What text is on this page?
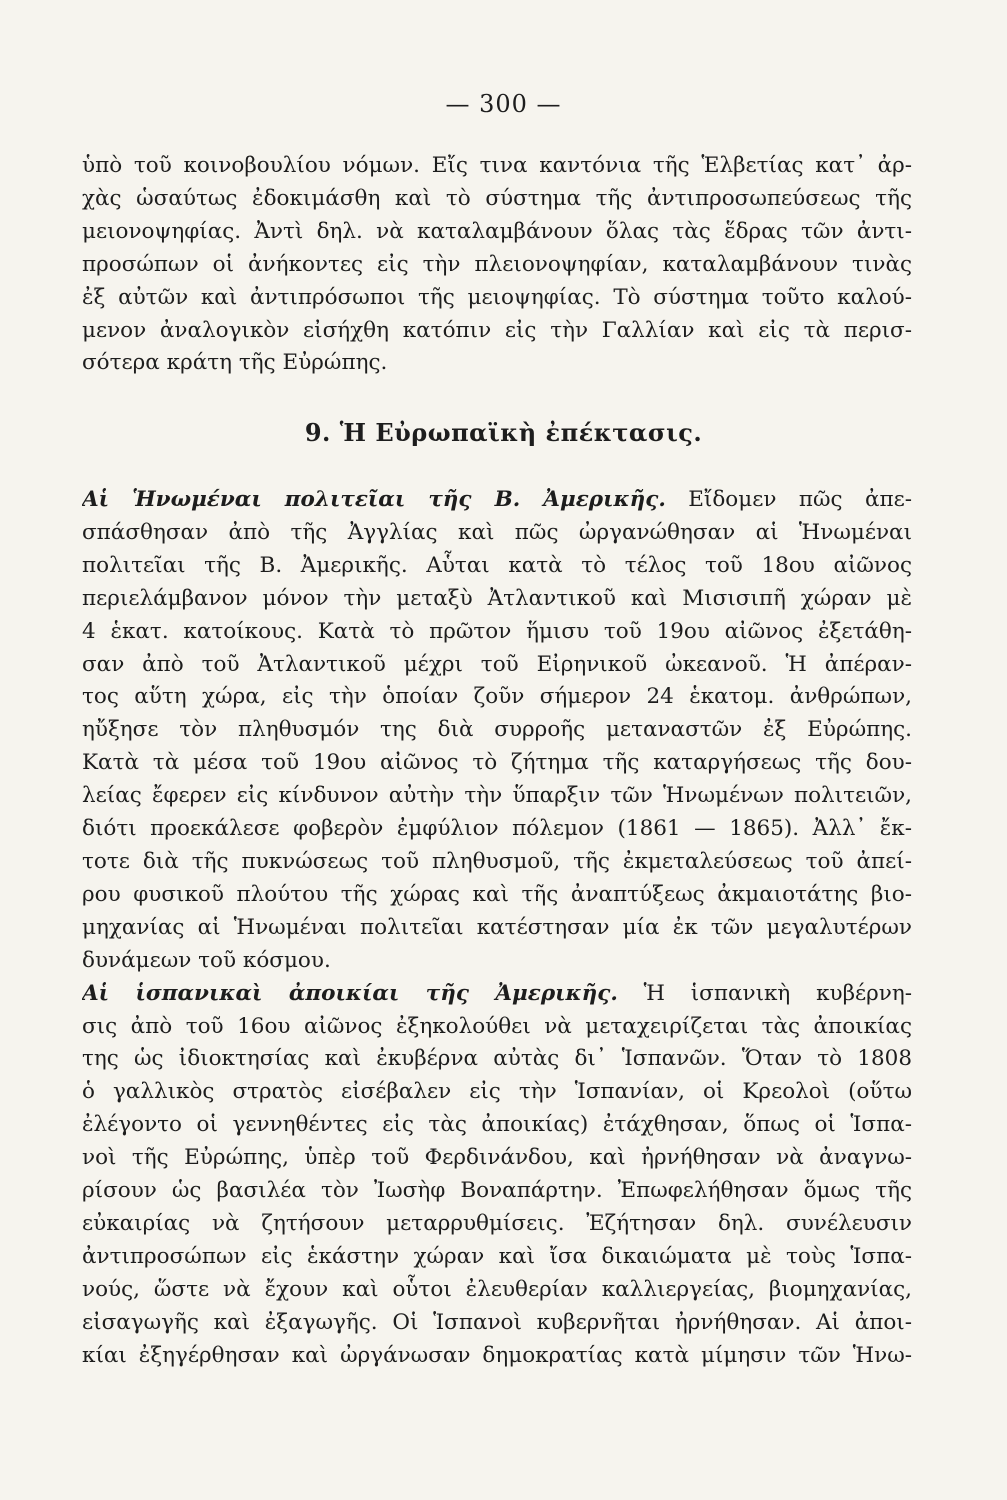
— 300 —
ὑπὸ τοῦ κοινοβουλίου νόμων. Εἴς τινα καντόνια τῆς Ἑλβετίας κατ᾽ ἀρ-
χὰς ὡσαύτως ἐδοκιμάσθη καὶ τὸ σύστημα τῆς ἀντιπροσωπεύσεως τῆς
μειονοψηφίας. Ἀντὶ δηλ. νὰ καταλαμβάνουν ὅλας τὰς ἕδρας τῶν ἀντι-
προσώπων οἱ ἀνήκοντες εἰς τὴν πλειονοψηφίαν, καταλαμβάνουν τινὰς
ἐξ αὐτῶν καὶ ἀντιπρόσωποι τῆς μειοψηφίας. Τὸ σύστημα τοῦτο καλού-
μενον ἀναλογικὸν εἰσήχθη κατόπιν εἰς τὴν Γαλλίαν καὶ εἰς τὰ περισ-
σότερα κράτη τῆς Εὐρώπης.
9. Ἡ Εὐρωπαϊκὴ ἐπέκτασις.
Αἱ Ἡνωμέναι πολιτεῖαι τῆς Β. Ἀμερικῆς. Εἴδομεν πῶς ἀπε-
σπάσθησαν ἀπὸ τῆς Ἀγγλίας καὶ πῶς ὠργανώθησαν αἱ Ἡνωμέναι
πολιτεῖαι τῆς Β. Ἀμερικῆς. Αὗται κατὰ τὸ τέλος τοῦ 18ου αἰῶνος
περιελάμβανον μόνον τὴν μεταξὺ Ἀτλαντικοῦ καὶ Μισισιπῆ χώραν μὲ
4 ἑκατ. κατοίκους. Κατὰ τὸ πρῶτον ἥμισυ τοῦ 19ου αἰῶνος ἐξετάθη-
σαν ἀπὸ τοῦ Ἀτλαντικοῦ μέχρι τοῦ Εἰρηνικοῦ ὠκεανοῦ. Ἡ ἀπέραν-
τος αὕτη χώρα, εἰς τὴν ὁποίαν ζοῦν σήμερον 24 ἑκατομ. ἀνθρώπων,
ηὔξησε τὸν πληθυσμόν της διὰ συρροῆς μεταναστῶν ἐξ Εὐρώπης.
Κατὰ τὰ μέσα τοῦ 19ου αἰῶνος τὸ ζήτημα τῆς καταργήσεως τῆς δου-
λείας ἔφερεν εἰς κίνδυνον αὐτὴν τὴν ὕπαρξιν τῶν Ἡνωμένων πολιτειῶν,
διότι προεκάλεσε φοβερὸν ἐμφύλιον πόλεμον (1861 — 1865). Ἀλλ᾽ ἔκ-
τοτε διὰ τῆς πυκνώσεως τοῦ πληθυσμοῦ, τῆς ἐκμεταλεύσεως τοῦ ἀπεί-
ρου φυσικοῦ πλούτου τῆς χώρας καὶ τῆς ἀναπτύξεως ἀκμαιοτάτης βιο-
μηχανίας αἱ Ἡνωμέναι πολιτεῖαι κατέστησαν μία ἐκ τῶν μεγαλυτέρων
δυνάμεων τοῦ κόσμου.
Αἱ ἱσπανικαὶ ἀποικίαι τῆς Ἀμερικῆς. Ἡ ἱσπανικὴ κυβέρνη-
σις ἀπὸ τοῦ 16ου αἰῶνος ἐξηκολούθει νὰ μεταχειρίζεται τὰς ἀποικίας
της ὡς ἰδιοκτησίας καὶ ἐκυβέρνα αὐτὰς δι᾽ Ἱσπανῶν. Ὅταν τὸ 1808
ὁ γαλλικὸς στρατὸς εἰσέβαλεν εἰς τὴν Ἱσπανίαν, οἱ Κρεολοὶ (οὕτω
ἐλέγοντο οἱ γεννηθέντες εἰς τὰς ἀποικίας) ἐτάχθησαν, ὅπως οἱ Ἱσπα-
νοὶ τῆς Εὐρώπης, ὑπὲρ τοῦ Φερδινάνδου, καὶ ἠρνήθησαν νὰ ἀναγνω-
ρίσουν ὡς βασιλέα τὸν Ἰωσὴφ Βοναπάρτην. Ἐπωφελήθησαν ὅμως τῆς
εὐκαιρίας νὰ ζητήσουν μεταρρυθμίσεις. Ἐζήτησαν δηλ. συνέλευσιν
ἀντιπροσώπων εἰς ἑκάστην χώραν καὶ ἴσα δικαιώματα μὲ τοὺς Ἱσπα-
νούς, ὥστε νὰ ἔχουν καὶ οὗτοι ἐλευθερίαν καλλιεργείας, βιομηχανίας,
εἰσαγωγῆς καὶ ἐξαγωγῆς. Οἱ Ἱσπανοὶ κυβερνῆται ἠρνήθησαν. Αἱ ἀποι-
κίαι ἐξηγέρθησαν καὶ ὠργάνωσαν δημοκρατίας κατὰ μίμησιν τῶν Ἡνω-
